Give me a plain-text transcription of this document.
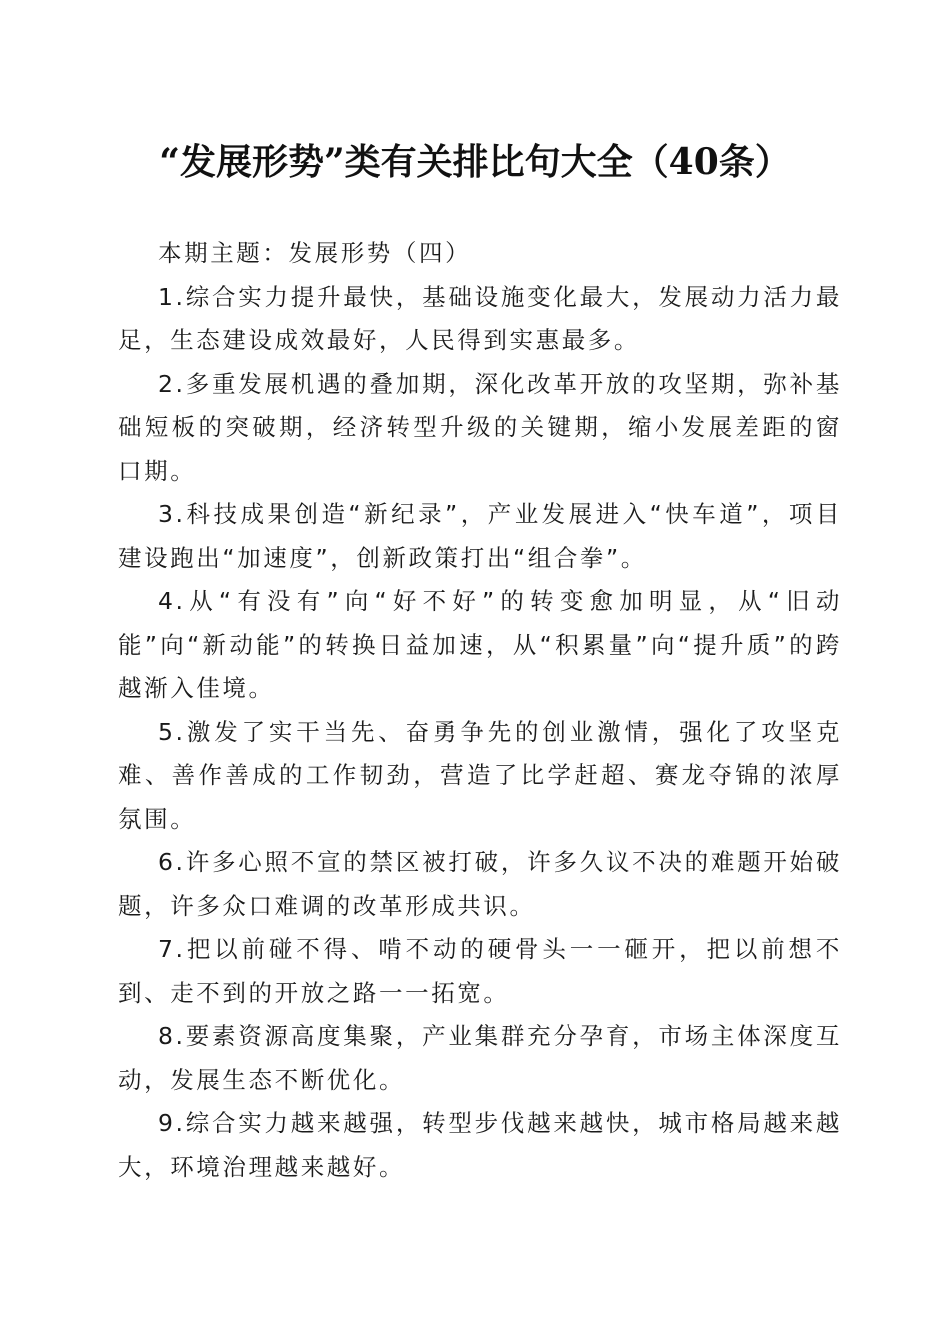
“发展形势”类有关排比句大全（40条）

本期主题：发展形势（四）

1.综合实力提升最快，基础设施变化最大，发展动力活力最足，生态建设成效最好，人民得到实惠最多。

2.多重发展机遇的叠加期，深化改革开放的攻坚期，弥补基础短板的突破期，经济转型升级的关键期，缩小发展差距的窗口期。

3.科技成果创造“新纪录”，产业发展进入“快车道”，项目建设跑出“加速度”，创新政策打出“组合拳”。

4.从“有没有”向“好不好”的转变愈加明显，从“旧动能”向“新动能”的转换日益加速，从“积累量”向“提升质”的跨越渐入佳境。

5.激发了实干当先、奋勇争先的创业激情，强化了攻坚克难、善作善成的工作韧劲，营造了比学赶超、赛龙夺锦的浓厚氛围。

6.许多心照不宣的禁区被打破，许多久议不决的难题开始破题，许多众口难调的改革形成共识。

7.把以前碰不得、啃不动的硬骨头一一砸开，把以前想不到、走不到的开放之路一一拓宽。

8.要素资源高度集聚，产业集群充分孕育，市场主体深度互动，发展生态不断优化。

9.综合实力越来越强，转型步伐越来越快，城市格局越来越大，环境治理越来越好。
